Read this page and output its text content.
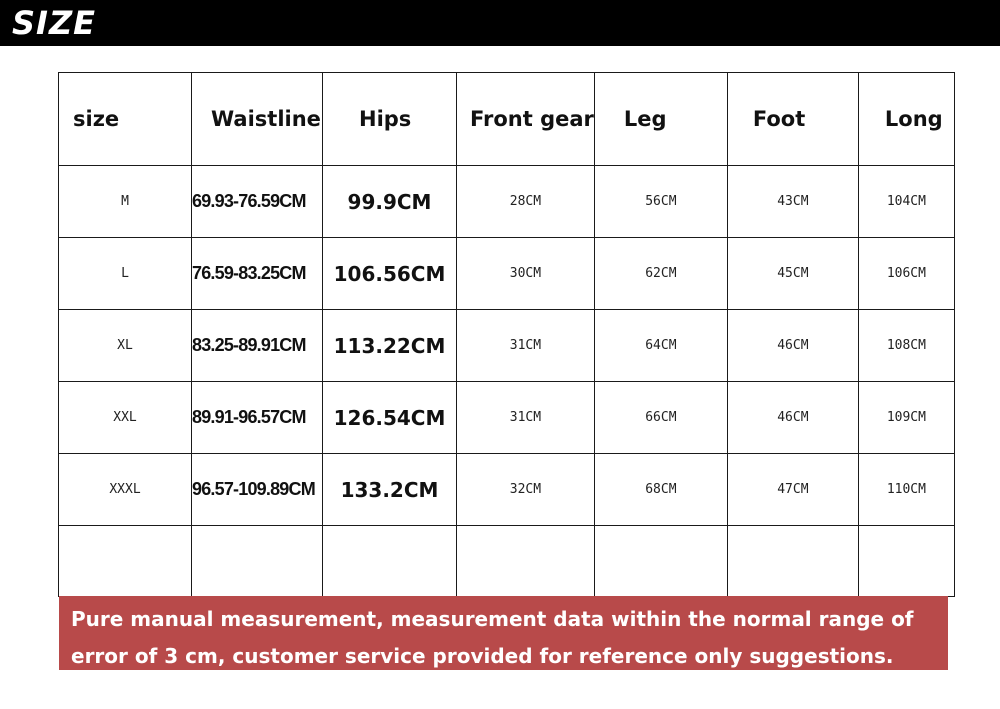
SIZE
size	Waistline	Hips	Front gear	Leg	Foot	Long
M	69.93-76.59CM	99.9CM	28CM	56CM	43CM	104CM
L	76.59-83.25CM	106.56CM	30CM	62CM	45CM	106CM
XL	83.25-89.91CM	113.22CM	31CM	64CM	46CM	108CM
XXL	89.91-96.57CM	126.54CM	31CM	66CM	46CM	109CM
XXXL	96.57-109.89CM	133.2CM	32CM	68CM	47CM	110CM

Pure manual measurement, measurement data within the normal range of error of 3 cm, customer service provided for reference only suggestions.
